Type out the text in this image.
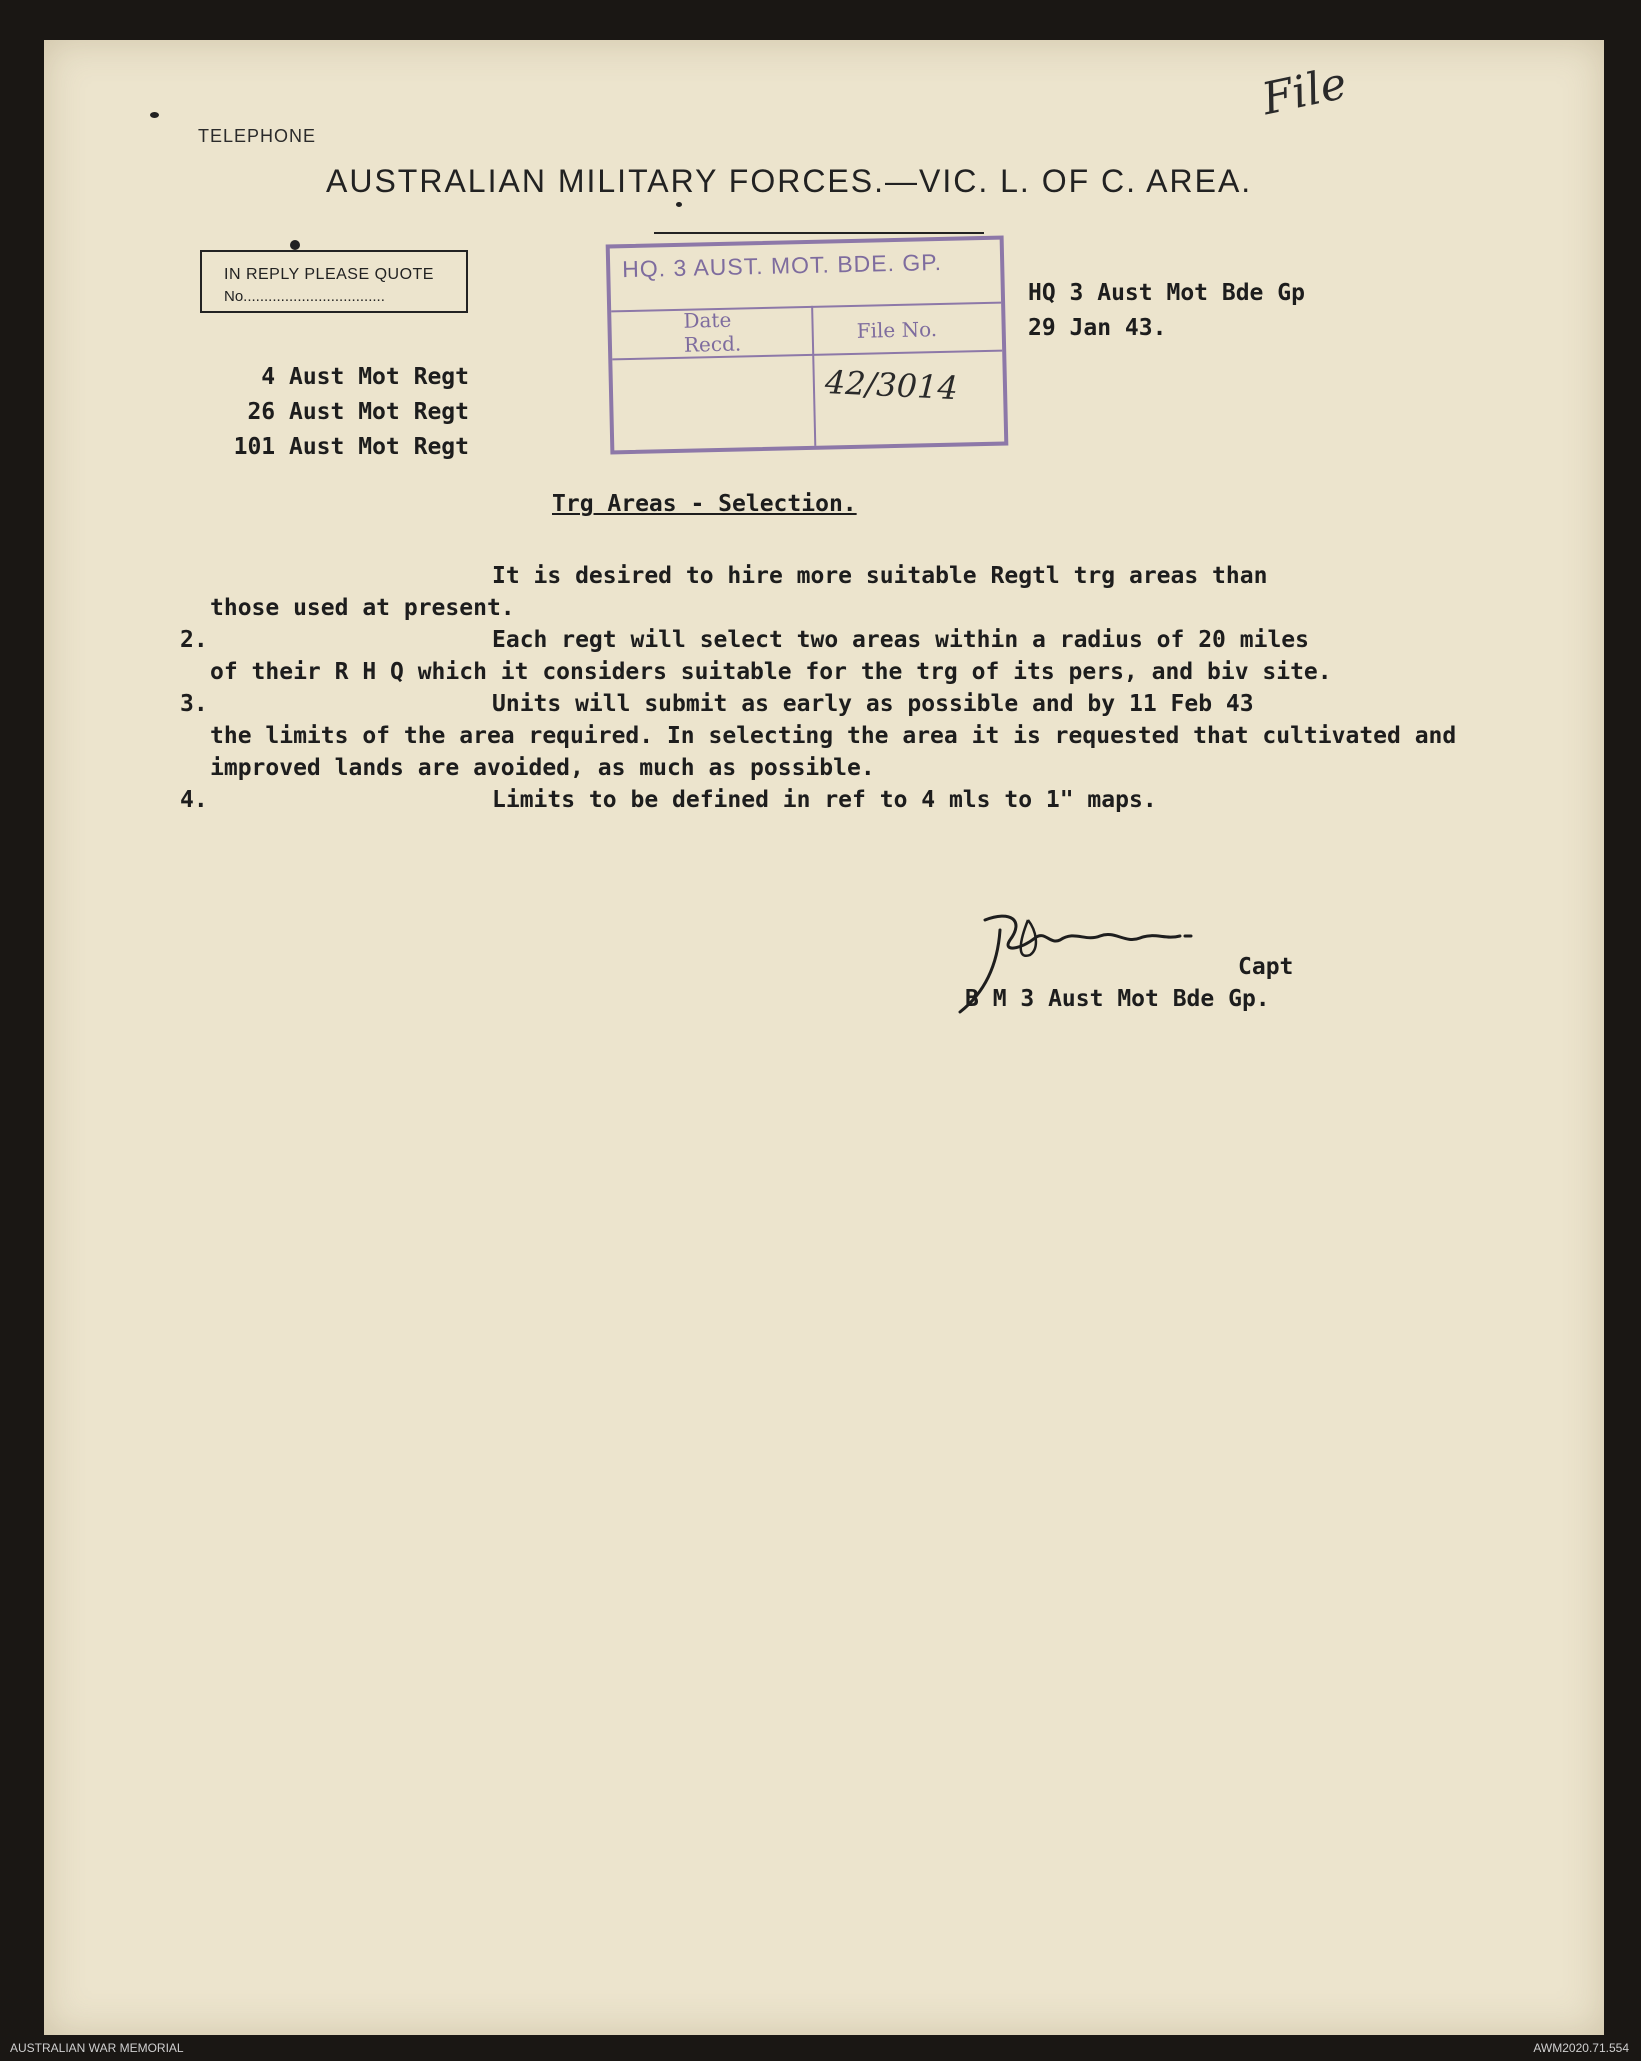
TELEPHONE
AUSTRALIAN MILITARY FORCES.—VIC. L. OF C. AREA.
File
IN REPLY PLEASE QUOTE
No..................................
HQ. 3 AUST. MOT. BDE. GP.
Date Recd.
File No.
42/3014
HQ 3 Aust Mot Bde Gp
29 Jan 43.
4 Aust Mot Regt
26 Aust Mot Regt
101 Aust Mot Regt
Trg Areas - Selection.
It is desired to hire more suitable Regtl trg areas than
those used at present.
2.	Each regt will select two areas within a radius of 20 miles
of their R H Q which it considers suitable for the trg of its pers, and biv site.
3.	Units will submit as early as possible and by 11 Feb 43
the limits of the area required. In selecting the area it is requested that cultivated and improved lands are avoided, as much as possible.
4.	Limits to be defined in ref to 4 mls to 1" maps.
Capt
B M 3 Aust Mot Bde Gp.
AUSTRALIAN WAR MEMORIAL	AWM2020.71.554
